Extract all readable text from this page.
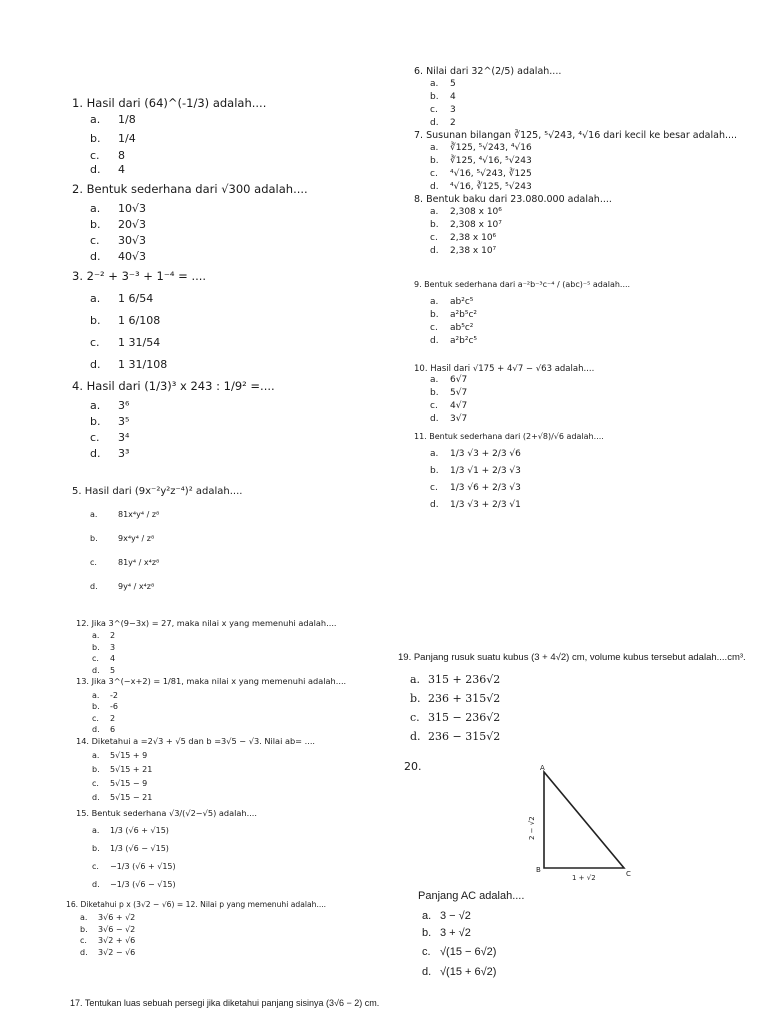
1. Hasil dari (64)^(-1/3) adalah....
a.	1/8
b.	1/4
c.	8
d.	4
2. Bentuk sederhana dari √300 adalah....
a.	10√3
b.	20√3
c.	30√3
d.	40√3
3. 2⁻² + 3⁻³ + 1⁻⁴ = ....
a.	1 6/54
b.	1 6/108
c.	1 31/54
d.	1 31/108
4. Hasil dari (1/3)³ x 243 : 1/9² =....
a.	3⁶
b.	3⁵
c.	3⁴
d.	3³
5. Hasil dari (9x⁻²y²z⁻⁴)² adalah....
a.	81x⁴y⁴ / z⁸
b.	9x⁴y⁴ / z⁸
c.	81y⁴ / x⁴z⁸
d.	9y⁴ / x⁴z⁸
6. Nilai dari 32^(2/5) adalah....
a.	5
b.	4
c.	3
d.	2
7. Susunan bilangan ∛125, ⁵√243, ⁴√16 dari kecil ke besar adalah....
a.	∛125, ⁵√243, ⁴√16
b.	∛125, ⁴√16, ⁵√243
c.	⁴√16, ⁵√243, ∛125
d.	⁴√16, ∛125, ⁵√243
8. Bentuk baku dari 23.080.000 adalah....
a.	2,308 x 10⁶
b.	2,308 x 10⁷
c.	2,38 x 10⁶
d.	2,38 x 10⁷
9. Bentuk sederhana dari a⁻²b⁻³c⁻⁴ / (abc)⁻⁵ adalah....
a.	ab²c⁵
b.	a²b⁵c²
c.	ab⁵c²
d.	a²b²c⁵
10. Hasil dari √175 + 4√7 − √63 adalah....
a.	6√7
b.	5√7
c.	4√7
d.	3√7
11. Bentuk sederhana dari (2+√8)/√6 adalah....
a.	1/3 √3 + 2/3 √6
b.	1/3 √1 + 2/3 √3
c.	1/3 √6 + 2/3 √3
d.	1/3 √3 + 2/3 √1
12. Jika 3^(9−3x) = 27, maka nilai x yang memenuhi adalah....
a.	2
b.	3
c.	4
d.	5
13. Jika 3^(−x+2) = 1/81, maka nilai x yang memenuhi adalah....
a.	-2
b.	-6
c.	2
d.	6
14. Diketahui a =2√3 + √5 dan b =3√5 − √3. Nilai ab= ....
a.	5√15 + 9
b.	5√15 + 21
c.	5√15 − 9
d.	5√15 − 21
15. Bentuk sederhana √3/(√2−√5) adalah....
a.	1/3 (√6 + √15)
b.	1/3 (√6 − √15)
c.	−1/3 (√6 + √15)
d.	−1/3 (√6 − √15)
16. Diketahui p x (3√2 − √6) = 12. Nilai p yang memenuhi adalah....
a.	3√6 + √2
b.	3√6 − √2
c.	3√2 + √6
d.	3√2 − √6
19. Panjang rusuk suatu kubus (3 + 4√2) cm, volume kubus tersebut adalah....cm³.
a. 315 + 236√2
b. 236 + 315√2
c. 315 − 236√2
d. 236 − 315√2
20.	A
B	C
2 − √2
1 + √2
Panjang AC adalah....
a. 3 − √2
b. 3 + √2
c. √(15 − 6√2)
d. √(15 + 6√2)
17. Tentukan luas sebuah persegi jika diketahui panjang sisinya (3√6 − 2) cm.
